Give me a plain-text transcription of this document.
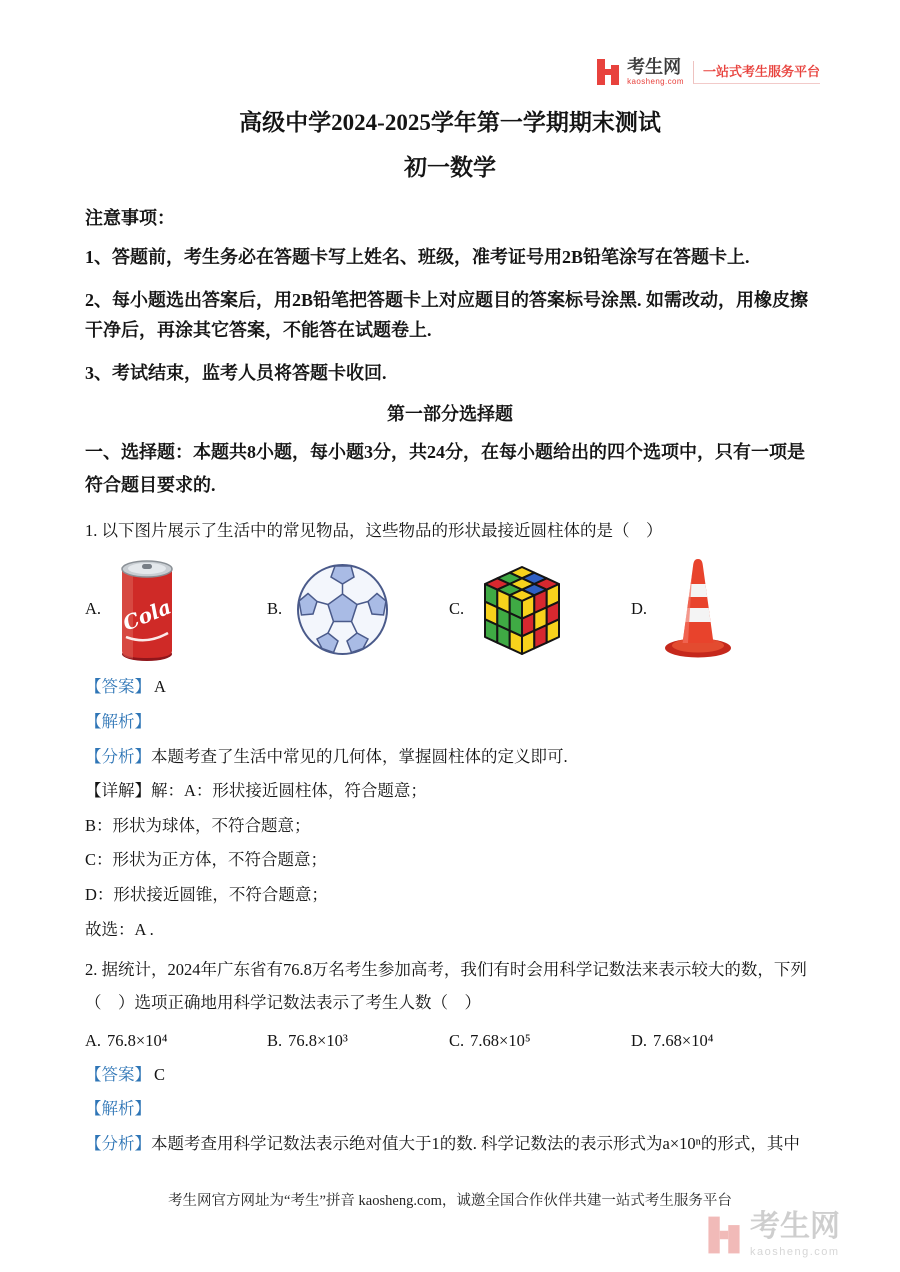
考生网
kaosheng.com
一站式考生服务平台

高级中学2024-2025学年第一学期期末测试

初一数学

注意事项：

1、答题前，考生务必在答题卡写上姓名、班级，准考证号用2B铅笔涂写在答题卡上.

2、每小题选出答案后，用2B铅笔把答题卡上对应题目的答案标号涂黑. 如需改动，用橡皮擦干净后，再涂其它答案，不能答在试题卷上.

3、考试结束，监考人员将答题卡收回.

第一部分选择题

一、选择题：本题共8小题，每小题3分，共24分，在每小题给出的四个选项中，只有一项是符合题目要求的.

1. 以下图片展示了生活中的常见物品，这些物品的形状最接近圆柱体的是（　）

A. Cola	B.	C.	D.

【答案】 A

【解析】

【分析】本题考查了生活中常见的几何体，掌握圆柱体的定义即可.

【详解】解：A：形状接近圆柱体，符合题意；

B：形状为球体，不符合题意；

C：形状为正方体，不符合题意；

D：形状接近圆锥，不符合题意；

故选：A .

2. 据统计，2024年广东省有76.8万名考生参加高考，我们有时会用科学记数法来表示较大的数，下列（　）选项正确地用科学记数法表示了考生人数（　）

A. 76.8×10⁴	B. 76.8×10³	C. 7.68×10⁵	D. 7.68×10⁴

【答案】 C

【解析】

【分析】本题考查用科学记数法表示绝对值大于1的数. 科学记数法的表示形式为a×10ⁿ的形式，其中

考生网官方网址为“考生”拼音 kaosheng.com，诚邀全国合作伙伴共建一站式考生服务平台
考生网
kaosheng.com
